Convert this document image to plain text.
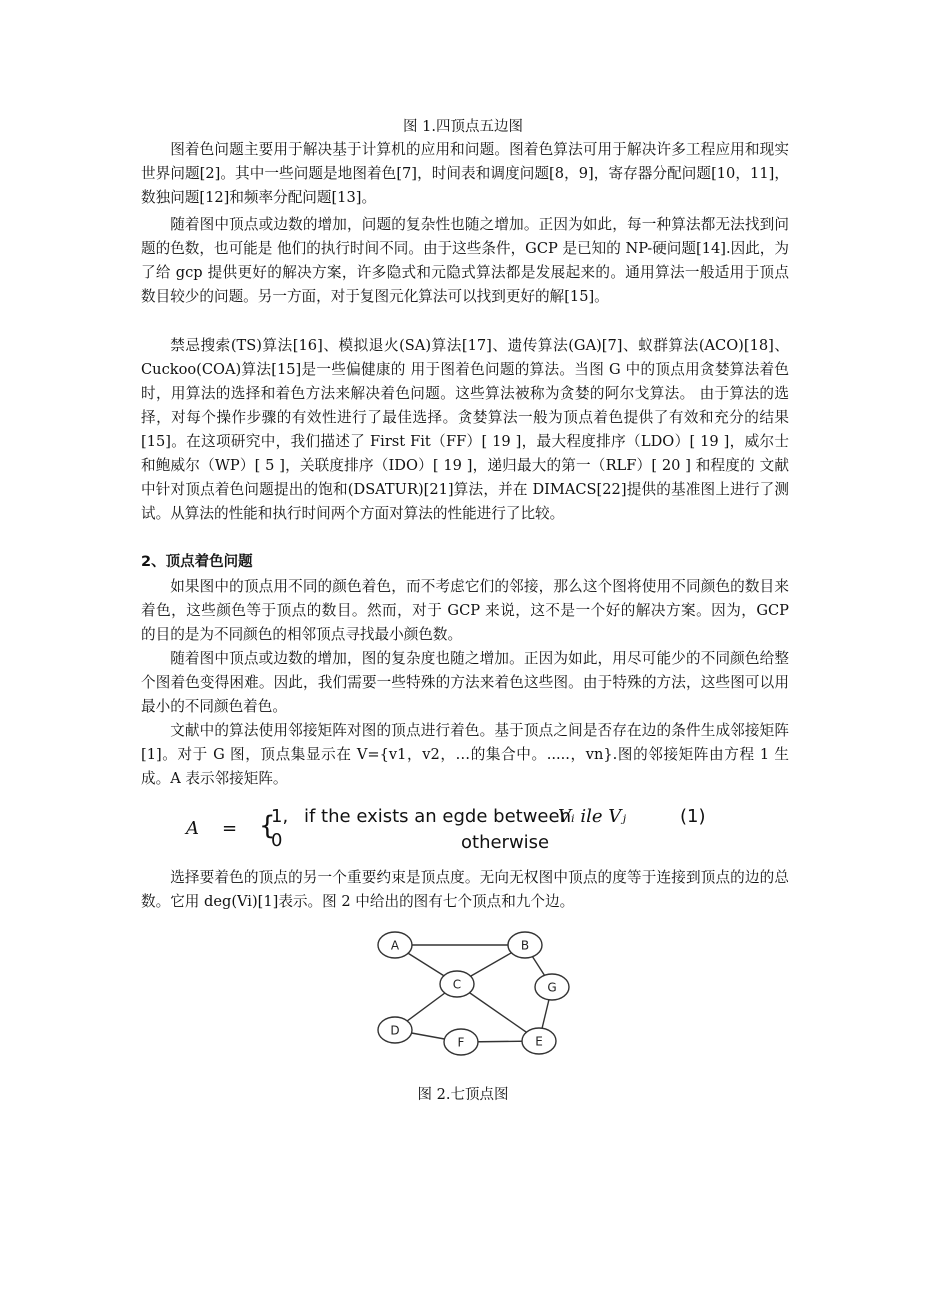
图 1.四顶点五边图

图着色问题主要用于解决基于计算机的应用和问题。图着色算法可用于解决许多工程应用和现实世界问题[2]。其中一些问题是地图着色[7]，时间表和调度问题[8，9]，寄存器分配问题[10，11]，数独问题[12]和频率分配问题[13]。

随着图中顶点或边数的增加，问题的复杂性也随之增加。正因为如此，每一种算法都无法找到问题的色数，也可能是 他们的执行时间不同。由于这些条件，GCP 是已知的 NP-硬问题[14].因此，为了给 gcp 提供更好的解决方案，许多隐式和元隐式算法都是发展起来的。通用算法一般适用于顶点数目较少的问题。另一方面，对于复图元化算法可以找到更好的解[15]。

禁忌搜索(TS)算法[16]、模拟退火(SA)算法[17]、遗传算法(GA)[7]、蚁群算法(ACO)[18]、Cuckoo(COA)算法[15]是一些偏健康的 用于图着色问题的算法。当图 G 中的顶点用贪婪算法着色时，用算法的选择和着色方法来解决着色问题。这些算法被称为贪婪的阿尔戈算法。 由于算法的选择，对每个操作步骤的有效性进行了最佳选择。贪婪算法一般为顶点着色提供了有效和充分的结果[15]。在这项研究中，我们描述了 First Fit（FF）[ 19 ]，最大程度排序（LDO）[ 19 ]，威尔士和鲍威尔（WP）[ 5 ]，关联度排序（IDO）[ 19 ]，递归最大的第一（RLF）[ 20 ] 和程度的 文献中针对顶点着色问题提出的饱和(DSATUR)[21]算法，并在 DIMACS[22]提供的基准图上进行了测试。从算法的性能和执行时间两个方面对算法的性能进行了比较。

2、顶点着色问题

如果图中的顶点用不同的颜色着色，而不考虑它们的邻接，那么这个图将使用不同颜色的数目来着色，这些颜色等于顶点的数目。然而，对于 GCP 来说，这不是一个好的解决方案。因为，GCP 的目的是为不同颜色的相邻顶点寻找最小颜色数。

随着图中顶点或边数的增加，图的复杂度也随之增加。正因为如此，用尽可能少的不同颜色给整个图着色变得困难。因此，我们需要一些特殊的方法来着色这些图。由于特殊的方法，这些图可以用最小的不同颜色着色。

文献中的算法使用邻接矩阵对图的顶点进行着色。基于顶点之间是否存在边的条件生成邻接矩阵[1]。对于 G 图，顶点集显示在 V={v1，v2，…的集合中。.....，vn}.图的邻接矩阵由方程 1 生成。A 表示邻接矩阵。

A = {
1, if the exists an egde between
Vᵢ ile Vⱼ
0	otherwise
(1)

选择要着色的顶点的另一个重要约束是顶点度。无向无权图中顶点的度等于连接到顶点的边的总数。它用 deg(Vi)[1]表示。图 2 中给出的图有七个顶点和九个边。

A	B
C	G
D
F	E
图 2.七顶点图
